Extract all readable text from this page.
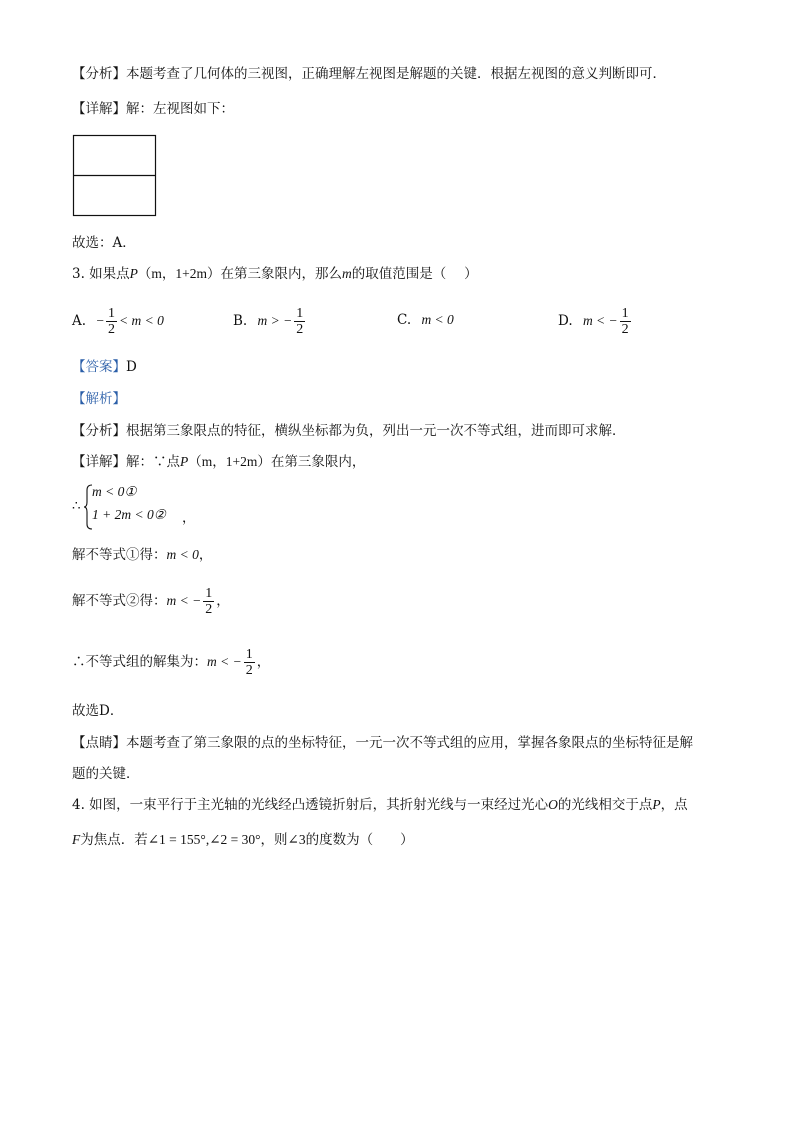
【分析】本题考查了几何体的三视图，正确理解左视图是解题的关键．根据左视图的意义判断即可．
【详解】解：左视图如下：
故选：A．
3. 如果点P（m，1+2m）在第三象限内，那么m的取值范围是（　 ）
A. − $\frac{1}{2} < m < 0$	B. m > − $\frac{1}{2}$	C. m < 0	D. m < − $\frac{1}{2}$
【答案】D
【解析】
【分析】根据第三象限点的特征，横纵坐标都为负，列出一元一次不等式组，进而即可求解．
【详解】解：∵点P（m，1+2m）在第三象限内，
∴
m < 0①
1 + 2m < 0② ，
解不等式①得：m < 0，
解不等式②得：m < − $\frac{1}{2}$ ，
∴不等式组的解集为：m < − $\frac{1}{2}$ ，
故选D．
【点睛】本题考查了第三象限的点的坐标特征，一元一次不等式组的应用，掌握各象限点的坐标特征是解
题的关键．
4. 如图，一束平行于主光轴的光线经凸透镜折射后，其折射光线与一束经过光心O的光线相交于点P，点
F为焦点．若∠1 = 155°,∠2 = 30°，则∠3的度数为（　　）
